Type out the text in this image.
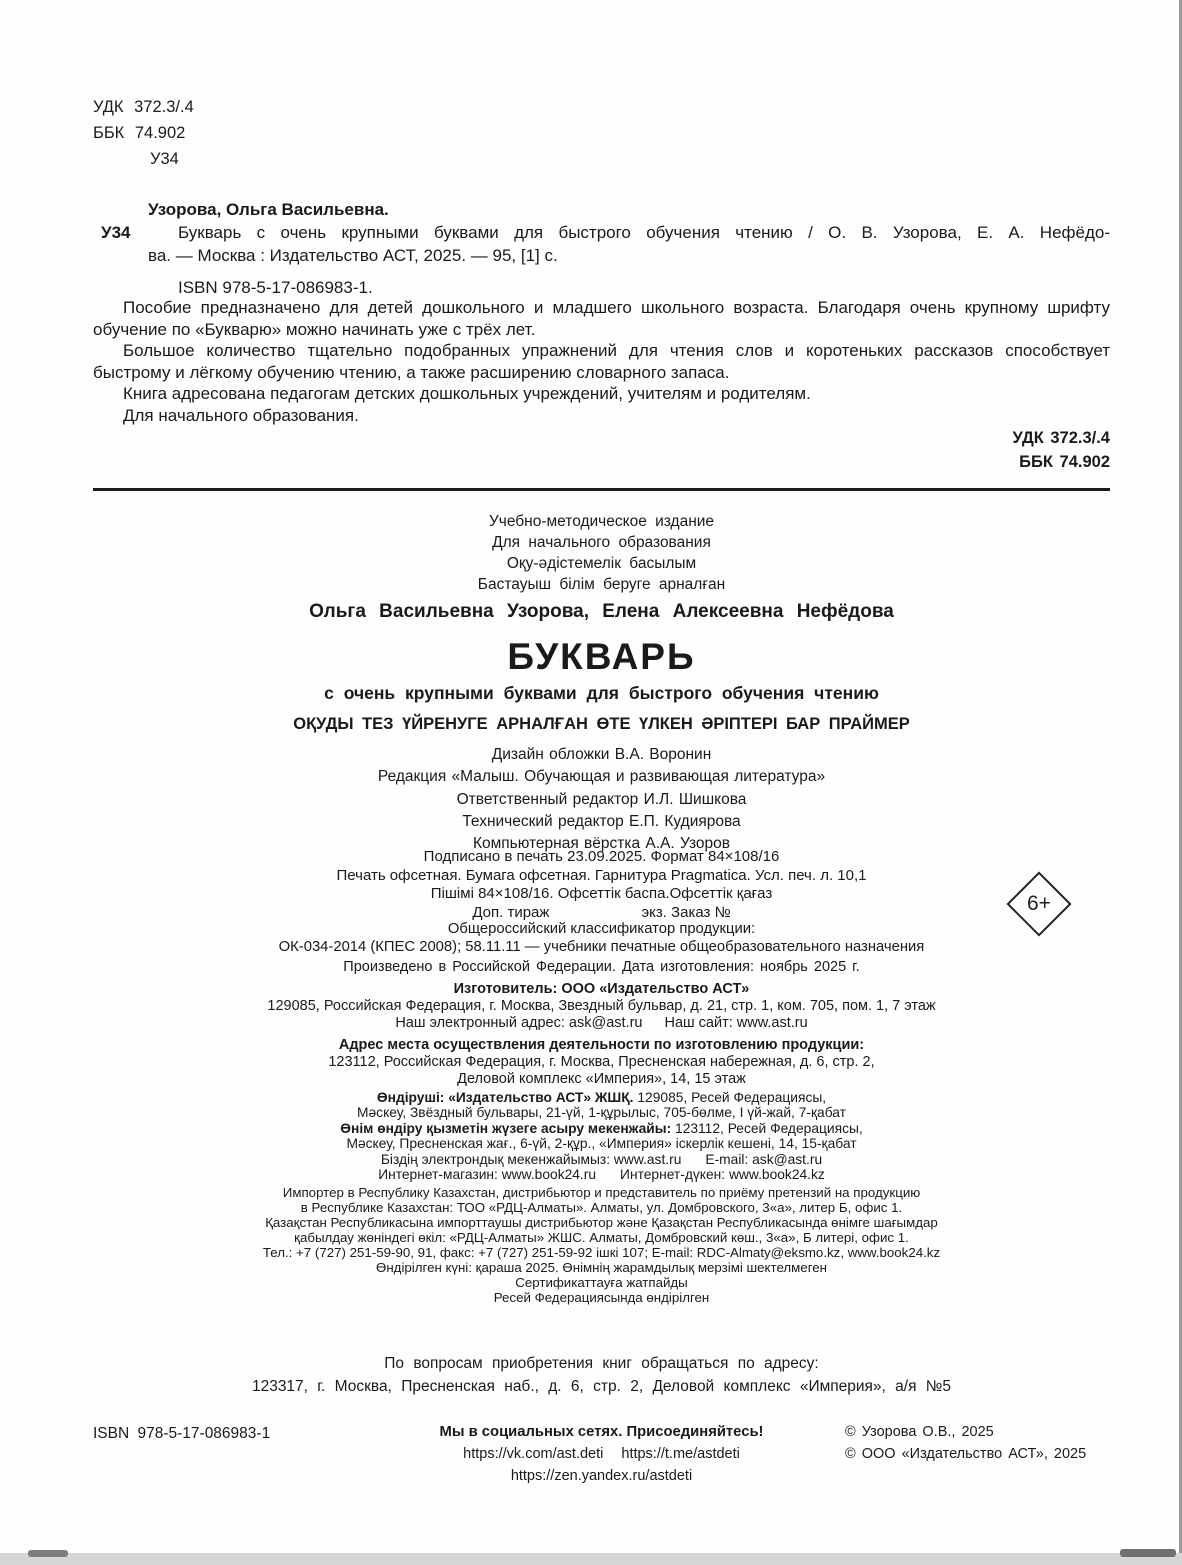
УДК 372.3/.4
ББК 74.902
У34
Узорова, Ольга Васильевна.
У34	Букварь с очень крупными буквами для быстрого обучения чтению / О. В. Узорова, Е. А. Нефёдо-
ва. — Москва : Издательство АСТ, 2025. — 95, [1] с.
ISBN 978-5-17-086983-1.

Пособие предназначено для детей дошкольного и младшего школьного возраста. Благодаря очень крупному шрифту обучение по «Букварю» можно начинать уже с трёх лет.

Большое количество тщательно подобранных упражнений для чтения слов и коротеньких рассказов способствует быстрому и лёгкому обучению чтению, а также расширению словарного запаса.

Книга адресована педагогам детских дошкольных учреждений, учителям и родителям.

Для начального образования.

УДК 372.3/.4
ББК 74.902
Учебно-методическое издание
Для начального образования
Оқу-әдістемелік басылым
Бастауыш білім беруге арналған
Ольга Васильевна Узорова, Елена Алексеевна Нефёдова
БУКВАРЬ
с очень крупными буквами для быстрого обучения чтению
ОҚУДЫ ТЕЗ ҮЙРЕНУГЕ АРНАЛҒАН ӨТЕ ҮЛКЕН ӘРІПТЕРІ БАР ПРАЙМЕР
Дизайн обложки В.А. Воронин
Редакция «Малыш. Обучающая и развивающая литература»
Ответственный редактор И.Л. Шишкова
Технический редактор Е.П. Кудиярова
Компьютерная вёрстка А.А. Узоров
Подписано в печать 23.09.2025. Формат 84×108/16
Печать офсетная. Бумага офсетная. Гарнитура Pragmatica. Усл. печ. л. 10,1
Пішімі 84×108/16. Офсеттік баспа.Офсеттік қағаз
Доп. тираж	экз. Заказ №
Общероссийский классификатор продукции:
ОК-034-2014 (КПЕС 2008); 58.11.11 — учебники печатные общеобразовательного назначения
Произведено в Российской Федерации. Дата изготовления: ноябрь 2025 г.
Изготовитель: ООО «Издательство АСТ»
129085, Российская Федерация, г. Москва, Звездный бульвар, д. 21, стр. 1, ком. 705, пом. 1, 7 этаж
Наш электронный адрес: ask@ast.ru Наш сайт: www.ast.ru
Адрес места осуществления деятельности по изготовлению продукции:
123112, Российская Федерация, г. Москва, Пресненская набережная, д. 6, стр. 2,
Деловой комплекс «Империя», 14, 15 этаж
Өндіруші: «Издательство АСТ» ЖШҚ. 129085, Ресей Федерациясы,
Мәскеу, Звёздный бульвары, 21-үй, 1-құрылыс, 705-бөлме, І үй-жай, 7-қабат
Өнім өндіру қызметін жүзеге асыру мекенжайы: 123112, Ресей Федерациясы,
Мәскеу, Пресненская жағ., 6-үй, 2-құр., «Империя» іскерлік кешені, 14, 15-қабат
Біздің электрондық мекенжайымыз: www.ast.ru E-mail: ask@ast.ru
Интернет-магазин: www.book24.ru Интернет-дүкен: www.book24.kz
Импортер в Республику Казахстан, дистрибьютор и представитель по приёму претензий на продукцию
в Республике Казахстан: ТОО «РДЦ-Алматы». Алматы, ул. Домбровского, 3«а», литер Б, офис 1.
Қазақстан Республикасына импорттаушы дистрибьютор және Қазақстан Республикасында өнімге шағымдар
қабылдау жөніндегі өкіл: «РДЦ-Алматы» ЖШС. Алматы, Домбровский көш., 3«а», Б литері, офис 1.
Тел.: +7 (727) 251-59-90, 91, факс: +7 (727) 251-59-92 ішкі 107; E-mail: RDC-Almaty@eksmo.kz, www.book24.kz
Өндірілген күні: қараша 2025. Өнімнің жарамдылық мерзімі шектелмеген
Сертификаттауға жатпайды
Ресей Федерациясында өндірілген
6+
По вопросам приобретения книг обращаться по адресу:
123317, г. Москва, Пресненская наб., д. 6, стр. 2, Деловой комплекс «Империя», а/я №5
Мы в социальных сетях. Присоединяйтесь!
https://vk.com/ast.deti https://t.me/astdeti
https://zen.yandex.ru/astdeti
ISBN 978-5-17-086983-1	© Узорова О.В., 2025
© ООО «Издательство АСТ», 2025
